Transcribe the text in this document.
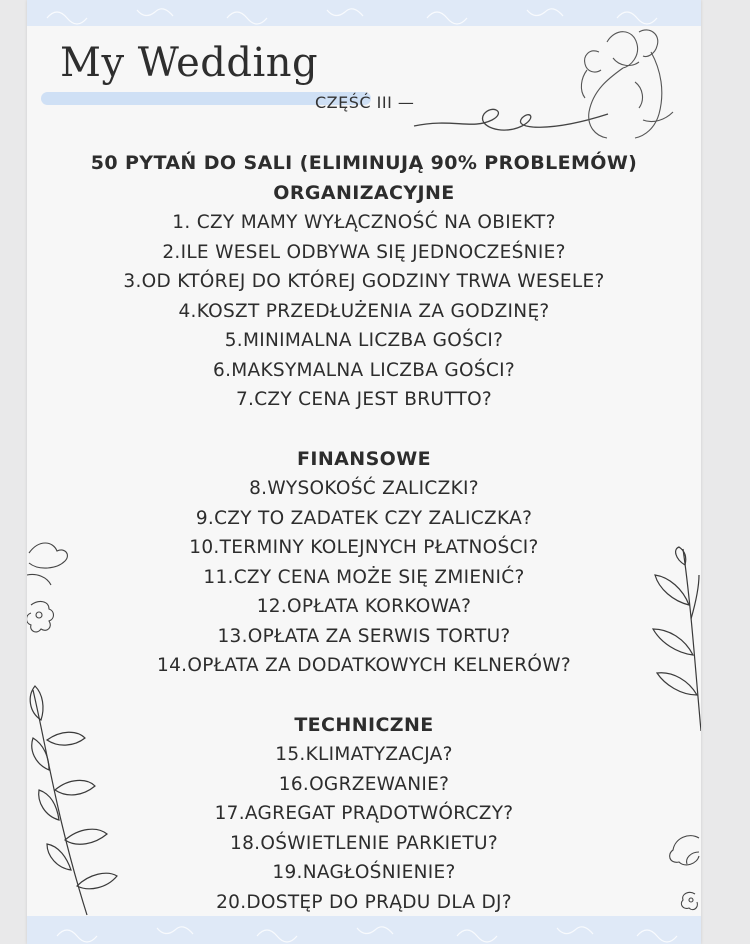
My Wedding
CZĘŚĆ III —
50 PYTAŃ DO SALI (ELIMINUJĄ 90% PROBLEMÓW)
ORGANIZACYJNE
1. CZY MAMY WYŁĄCZNOŚĆ NA OBIEKT?
2.ILE WESEL ODBYWA SIĘ JEDNOCZEŚNIE?
3.OD KTÓREJ DO KTÓREJ GODZINY TRWA WESELE?
4.KOSZT PRZEDŁUŻENIA ZA GODZINĘ?
5.MINIMALNA LICZBA GOŚCI?
6.MAKSYMALNA LICZBA GOŚCI?
7.CZY CENA JEST BRUTTO?
FINANSOWE
8.WYSOKOŚĆ ZALICZKI?
9.CZY TO ZADATEK CZY ZALICZKA?
10.TERMINY KOLEJNYCH PŁATNOŚCI?
11.CZY CENA MOŻE SIĘ ZMIENIĆ?
12.OPŁATA KORKOWA?
13.OPŁATA ZA SERWIS TORTU?
14.OPŁATA ZA DODATKOWYCH KELNERÓW?
TECHNICZNE
15.KLIMATYZACJA?
16.OGRZEWANIE?
17.AGREGAT PRĄDOTWÓRCZY?
18.OŚWIETLENIE PARKIETU?
19.NAGŁOŚNIENIE?
20.DOSTĘP DO PRĄDU DLA DJ?
